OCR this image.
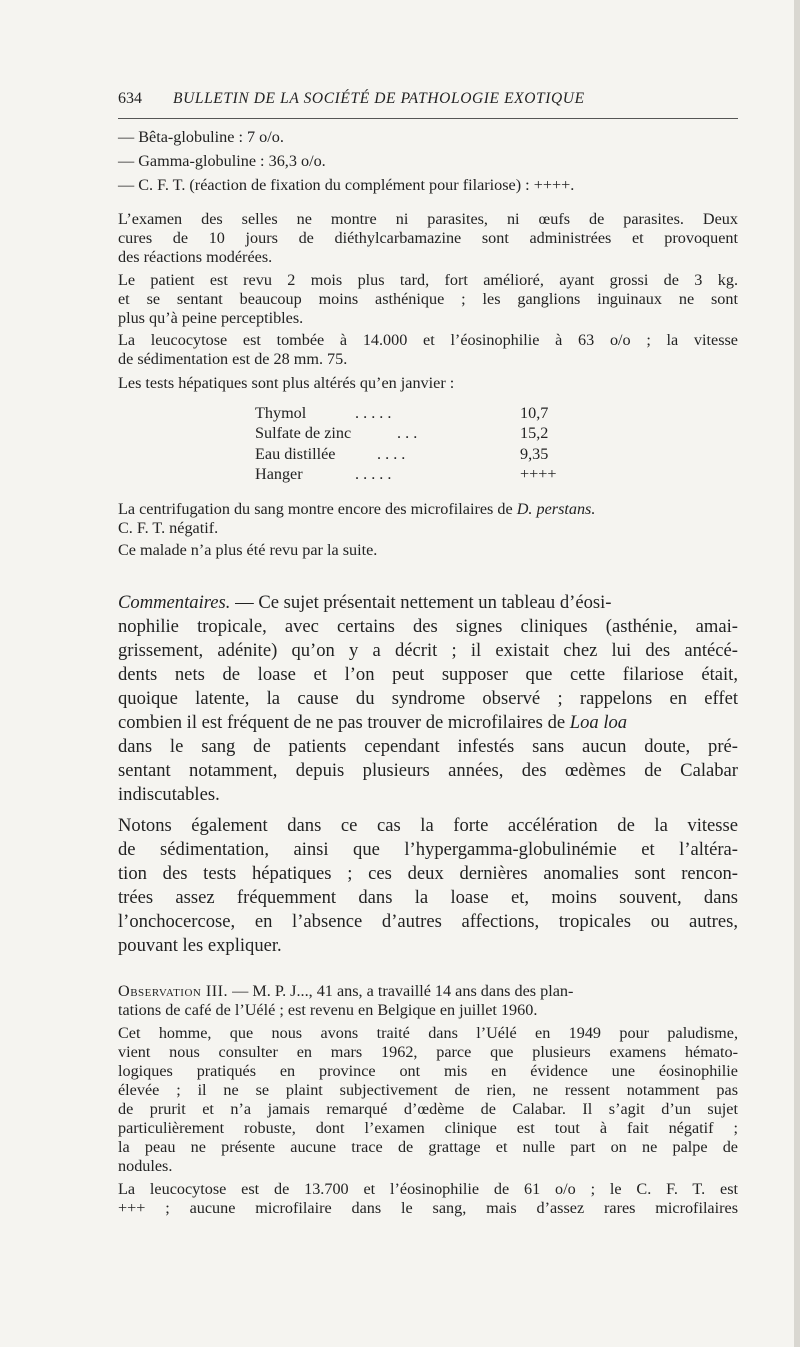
634 BULLETIN DE LA SOCIÉTÉ DE PATHOLOGIE EXOTIQUE
— Bêta-globuline : 7 o/o.
— Gamma-globuline : 36,3 o/o.
— C. F. T. (réaction de fixation du complément pour filariose) : ++++.
L’examen des selles ne montre ni parasites, ni œufs de parasites. Deux
cures de 10 jours de diéthylcarbamazine sont administrées et provoquent
des réactions modérées.
Le patient est revu 2 mois plus tard, fort amélioré, ayant grossi de 3 kg.
et se sentant beaucoup moins asthénique ; les ganglions inguinaux ne sont
plus qu’à peine perceptibles.
La leucocytose est tombée à 14.000 et l’éosinophilie à 63 o/o ; la vitesse
de sédimentation est de 28 mm. 75.
Les tests hépatiques sont plus altérés qu’en janvier :
Thymol	. . . . .	10,7
Sulfate de zinc	. . .	15,2
Eau distillée	. . . .	9,35
Hanger	. . . . .	++++
La centrifugation du sang montre encore des microfilaires de D. perstans.
C. F. T. négatif.
Ce malade n’a plus été revu par la suite.
Commentaires. — Ce sujet présentait nettement un tableau d’éosi-
nophilie tropicale, avec certains des signes cliniques (asthénie, amai-
grissement, adénite) qu’on y a décrit ; il existait chez lui des antécé-
dents nets de loase et l’on peut supposer que cette filariose était,
quoique latente, la cause du syndrome observé ; rappelons en effet
combien il est fréquent de ne pas trouver de microfilaires de Loa loa
dans le sang de patients cependant infestés sans aucun doute, pré-
sentant notamment, depuis plusieurs années, des œdèmes de Calabar
indiscutables.
Notons également dans ce cas la forte accélération de la vitesse
de sédimentation, ainsi que l’hypergamma-globulinémie et l’altéra-
tion des tests hépatiques ; ces deux dernières anomalies sont rencon-
trées assez fréquemment dans la loase et, moins souvent, dans
l’onchocercose, en l’absence d’autres affections, tropicales ou autres,
pouvant les expliquer.
Observation III. — M. P. J..., 41 ans, a travaillé 14 ans dans des plan-
tations de café de l’Uélé ; est revenu en Belgique en juillet 1960.
Cet homme, que nous avons traité dans l’Uélé en 1949 pour paludisme,
vient nous consulter en mars 1962, parce que plusieurs examens hémato-
logiques pratiqués en province ont mis en évidence une éosinophilie
élevée ; il ne se plaint subjectivement de rien, ne ressent notamment pas
de prurit et n’a jamais remarqué d’œdème de Calabar. Il s’agit d’un sujet
particulièrement robuste, dont l’examen clinique est tout à fait négatif ;
la peau ne présente aucune trace de grattage et nulle part on ne palpe de
nodules.
La leucocytose est de 13.700 et l’éosinophilie de 61 o/o ; le C. F. T. est
+++ ; aucune microfilaire dans le sang, mais d’assez rares microfilaires
